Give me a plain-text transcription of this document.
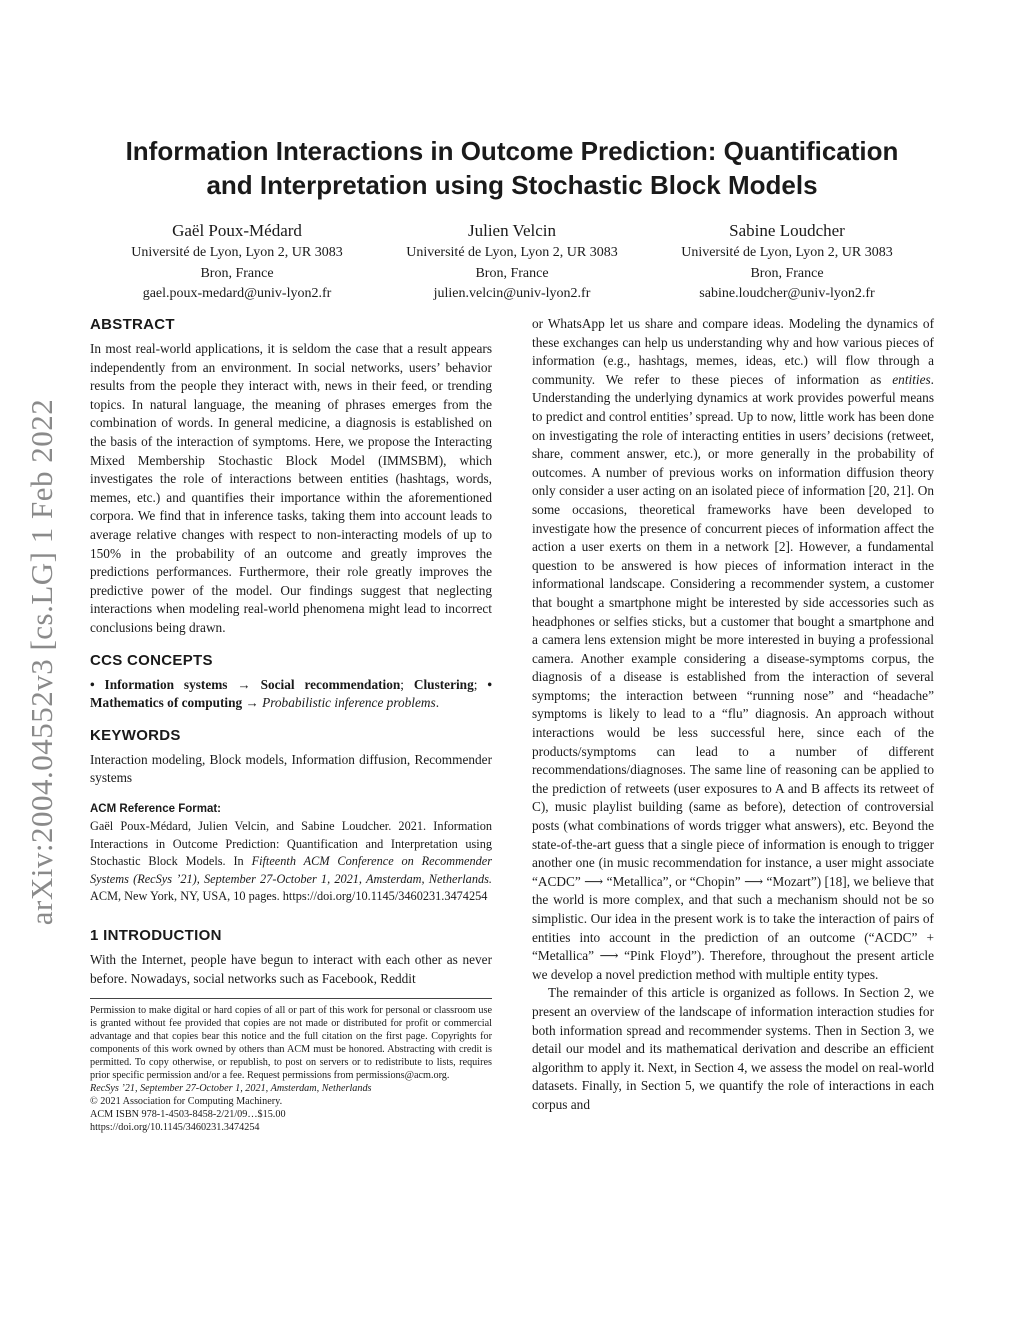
arXiv:2004.04552v3 [cs.LG] 1 Feb 2022
Information Interactions in Outcome Prediction: Quantification
and Interpretation using Stochastic Block Models
Gaël Poux-Médard
Université de Lyon, Lyon 2, UR 3083
Bron, France
gael.poux-medard@univ-lyon2.fr
Julien Velcin
Université de Lyon, Lyon 2, UR 3083
Bron, France
julien.velcin@univ-lyon2.fr
Sabine Loudcher
Université de Lyon, Lyon 2, UR 3083
Bron, France
sabine.loudcher@univ-lyon2.fr
ABSTRACT

In most real-world applications, it is seldom the case that a result appears independently from an environment. In social networks, users’ behavior results from the people they interact with, news in their feed, or trending topics. In natural language, the meaning of phrases emerges from the combination of words. In general medicine, a diagnosis is established on the basis of the interaction of symptoms. Here, we propose the Interacting Mixed Membership Stochastic Block Model (IMMSBM), which investigates the role of interactions between entities (hashtags, words, memes, etc.) and quantifies their importance within the aforementioned corpora. We find that in inference tasks, taking them into account leads to average relative changes with respect to non-interacting models of up to 150% in the probability of an outcome and greatly improves the predictions performances. Furthermore, their role greatly improves the predictive power of the model. Our findings suggest that neglecting interactions when modeling real-world phenomena might lead to incorrect conclusions being drawn.

CCS CONCEPTS

• Information systems → Social recommendation; Clustering; • Mathematics of computing → Probabilistic inference problems.

KEYWORDS

Interaction modeling, Block models, Information diffusion, Recommender systems

ACM Reference Format:

Gaël Poux-Médard, Julien Velcin, and Sabine Loudcher. 2021. Information Interactions in Outcome Prediction: Quantification and Interpretation using Stochastic Block Models. In Fifteenth ACM Conference on Recommender Systems (RecSys ’21), September 27-October 1, 2021, Amsterdam, Netherlands. ACM, New York, NY, USA, 10 pages. https://doi.org/10.1145/3460231.3474254

1 INTRODUCTION

With the Internet, people have begun to interact with each other as never before. Nowadays, social networks such as Facebook, Reddit

Permission to make digital or hard copies of all or part of this work for personal or classroom use is granted without fee provided that copies are not made or distributed for profit or commercial advantage and that copies bear this notice and the full citation on the first page. Copyrights for components of this work owned by others than ACM must be honored. Abstracting with credit is permitted. To copy otherwise, or republish, to post on servers or to redistribute to lists, requires prior specific permission and/or a fee. Request permissions from permissions@acm.org.

RecSys ’21, September 27-October 1, 2021, Amsterdam, Netherlands

© 2021 Association for Computing Machinery.

ACM ISBN 978-1-4503-8458-2/21/09…$15.00

https://doi.org/10.1145/3460231.3474254

or WhatsApp let us share and compare ideas. Modeling the dynamics of these exchanges can help us understanding why and how various pieces of information (e.g., hashtags, memes, ideas, etc.) will flow through a community. We refer to these pieces of information as entities. Understanding the underlying dynamics at work provides powerful means to predict and control entities’ spread. Up to now, little work has been done on investigating the role of interacting entities in users’ decisions (retweet, share, comment answer, etc.), or more generally in the probability of outcomes. A number of previous works on information diffusion theory only consider a user acting on an isolated piece of information [20, 21]. On some occasions, theoretical frameworks have been developed to investigate how the presence of concurrent pieces of information affect the action a user exerts on them in a network [2]. However, a fundamental question to be answered is how pieces of information interact in the informational landscape. Considering a recommender system, a customer that bought a smartphone might be interested by side accessories such as headphones or selfies sticks, but a customer that bought a smartphone and a camera lens extension might be more interested in buying a professional camera. Another example considering a disease-symptoms corpus, the diagnosis of a disease is established from the interaction of several symptoms; the interaction between “running nose” and “headache” symptoms is likely to lead to a “flu” diagnosis. An approach without interactions would be less successful here, since each of the products/symptoms can lead to a number of different recommendations/diagnoses. The same line of reasoning can be applied to the prediction of retweets (user exposures to A and B affects its retweet of C), music playlist building (same as before), detection of controversial posts (what combinations of words trigger what answers), etc. Beyond the state-of-the-art guess that a single piece of information is enough to trigger another one (in music recommendation for instance, a user might associate “ACDC” ⟶ “Metallica”, or “Chopin” ⟶ “Mozart”) [18], we believe that the world is more complex, and that such a mechanism should not be so simplistic. Our idea in the present work is to take the interaction of pairs of entities into account in the prediction of an outcome (“ACDC” + “Metallica” ⟶ “Pink Floyd”). Therefore, throughout the present article we develop a novel prediction method with multiple entity types.

The remainder of this article is organized as follows. In Section 2, we present an overview of the landscape of information interaction studies for both information spread and recommender systems. Then in Section 3, we detail our model and its mathematical derivation and describe an efficient algorithm to apply it. Next, in Section 4, we assess the model on real-world datasets. Finally, in Section 5, we quantify the role of interactions in each corpus and
